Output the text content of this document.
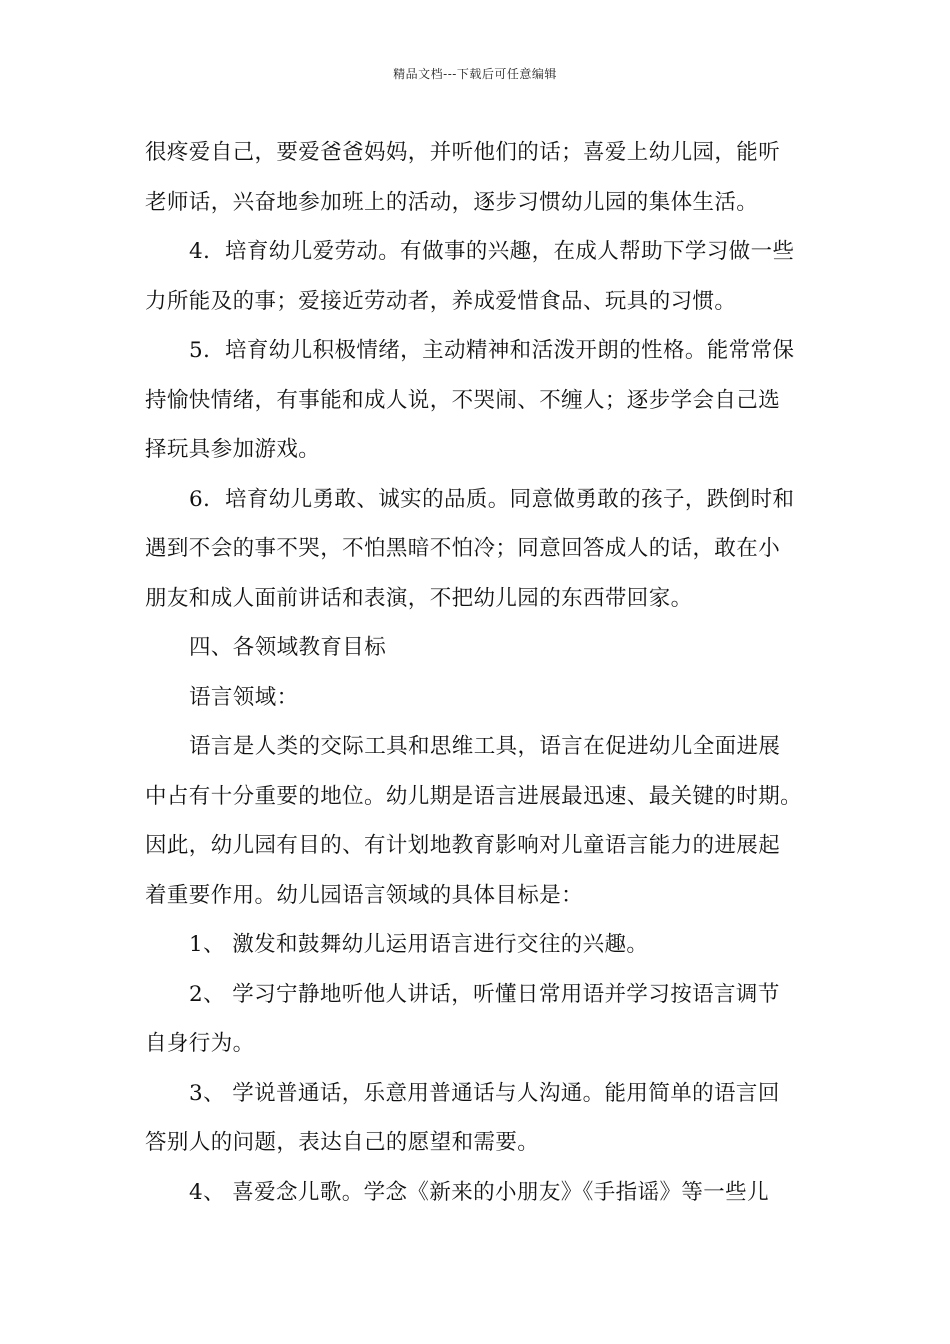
精品文档---下载后可任意编辑
很疼爱自己，要爱爸爸妈妈，并听他们的话；喜爱上幼儿园，能听
老师话，兴奋地参加班上的活动，逐步习惯幼儿园的集体生活。
4．培育幼儿爱劳动。有做事的兴趣，在成人帮助下学习做一些
力所能及的事；爱接近劳动者，养成爱惜食品、玩具的习惯。
5．培育幼儿积极情绪，主动精神和活泼开朗的性格。能常常保
持愉快情绪，有事能和成人说，不哭闹、不缠人；逐步学会自己选
择玩具参加游戏。
6．培育幼儿勇敢、诚实的品质。同意做勇敢的孩子，跌倒时和
遇到不会的事不哭，不怕黑暗不怕冷；同意回答成人的话，敢在小
朋友和成人面前讲话和表演，不把幼儿园的东西带回家。
四、各领域教育目标
语言领域：
语言是人类的交际工具和思维工具，语言在促进幼儿全面进展
中占有十分重要的地位。幼儿期是语言进展最迅速、最关键的时期。
因此，幼儿园有目的、有计划地教育影响对儿童语言能力的进展起
着重要作用。幼儿园语言领域的具体目标是：
1、 激发和鼓舞幼儿运用语言进行交往的兴趣。
2、 学习宁静地听他人讲话，听懂日常用语并学习按语言调节
自身行为。
3、 学说普通话，乐意用普通话与人沟通。能用简单的语言回
答别人的问题，表达自己的愿望和需要。
4、 喜爱念儿歌。学念《新来的小朋友》《手指谣》等一些儿
